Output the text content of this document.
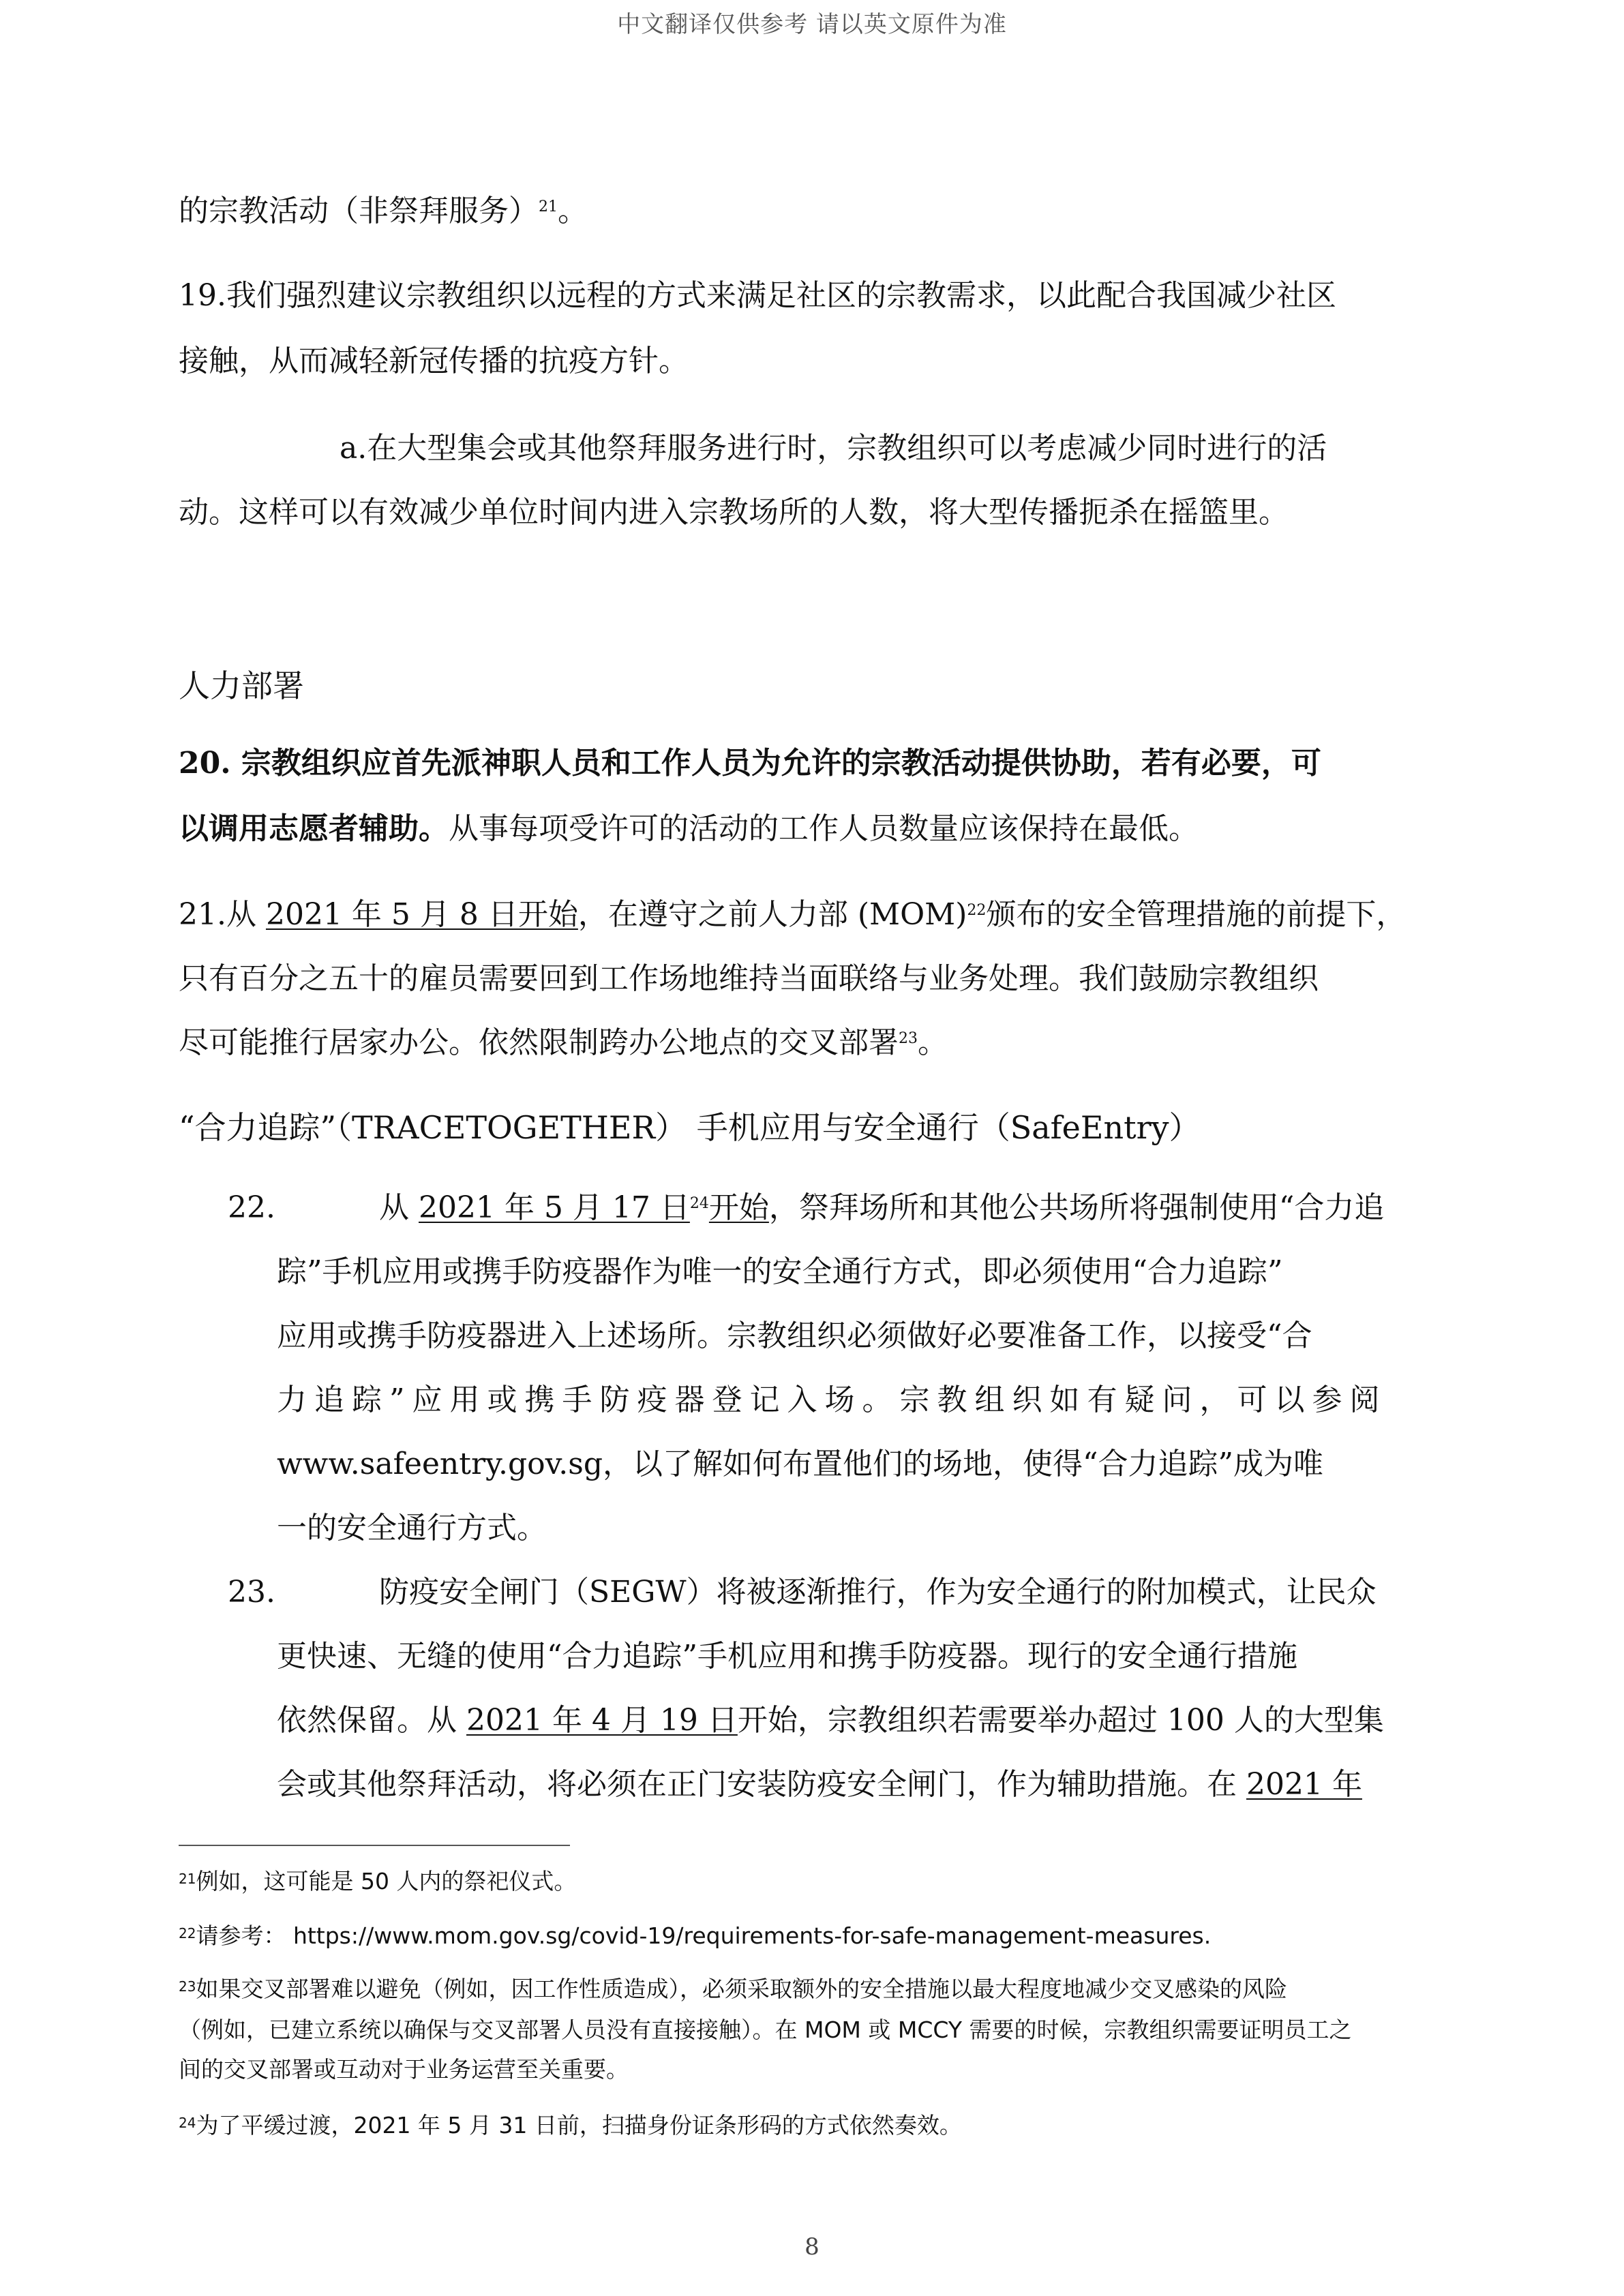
中文翻译仅供参考 请以英文原件为准
的宗教活动（非祭拜服务）$^{21}$。
19.我们强烈建议宗教组织以远程的方式来满足社区的宗教需求，以此配合我国减少社区
接触，从而减轻新冠传播的抗疫方针。
a.在大型集会或其他祭拜服务进行时，宗教组织可以考虑减少同时进行的活
动。这样可以有效减少单位时间内进入宗教场所的人数，将大型传播扼杀在摇篮里。
人力部署
20. 宗教组织应首先派神职人员和工作人员为允许的宗教活动提供协助，若有必要，可
以调用志愿者辅助。从事每项受许可的活动的工作人员数量应该保持在最低。
21.从 2021 年 5 月 8 日开始，在遵守之前人力部 (MOM)$^{22}$颁布的安全管理措施的前提下，
只有百分之五十的雇员需要回到工作场地维持当面联络与业务处理。我们鼓励宗教组织
尽可能推行居家办公。依然限制跨办公地点的交叉部署$^{23}$。
“合力追踪”（TRACETOGETHER） 手机应用与安全通行（SafeEntry）
22.	从 2021 年 5 月 17 日$^{24}$开始，祭拜场所和其他公共场所将强制使用“合力追
踪”手机应用或携手防疫器作为唯一的安全通行方式，即必须使用“合力追踪”
应用或携手防疫器进入上述场所。宗教组织必须做好必要准备工作，以接受“合
力追踪”应用或携手防疫器登记入场。宗教组织如有疑问，可以参阅
www.safeentry.gov.sg，以了解如何布置他们的场地，使得“合力追踪”成为唯
一的安全通行方式。
23.	防疫安全闸门（SEGW）将被逐渐推行，作为安全通行的附加模式，让民众
更快速、无缝的使用“合力追踪”手机应用和携手防疫器。现行的安全通行措施
依然保留。从 2021 年 4 月 19 日开始，宗教组织若需要举办超过 100 人的大型集
会或其他祭拜活动，将必须在正门安装防疫安全闸门，作为辅助措施。在 2021 年
$^{21}$例如，这可能是 50 人内的祭祀仪式。
$^{22}$请参考： https://www.mom.gov.sg/covid-19/requirements-for-safe-management-measures.
$^{23}$如果交叉部署难以避免（例如，因工作性质造成），必须采取额外的安全措施以最大程度地减少交叉感染的风险
（例如，已建立系统以确保与交叉部署人员没有直接接触）。在 MOM 或 MCCY 需要的时候，宗教组织需要证明员工之
间的交叉部署或互动对于业务运营至关重要。
$^{24}$为了平缓过渡，2021 年 5 月 31 日前，扫描身份证条形码的方式依然奏效。
8
